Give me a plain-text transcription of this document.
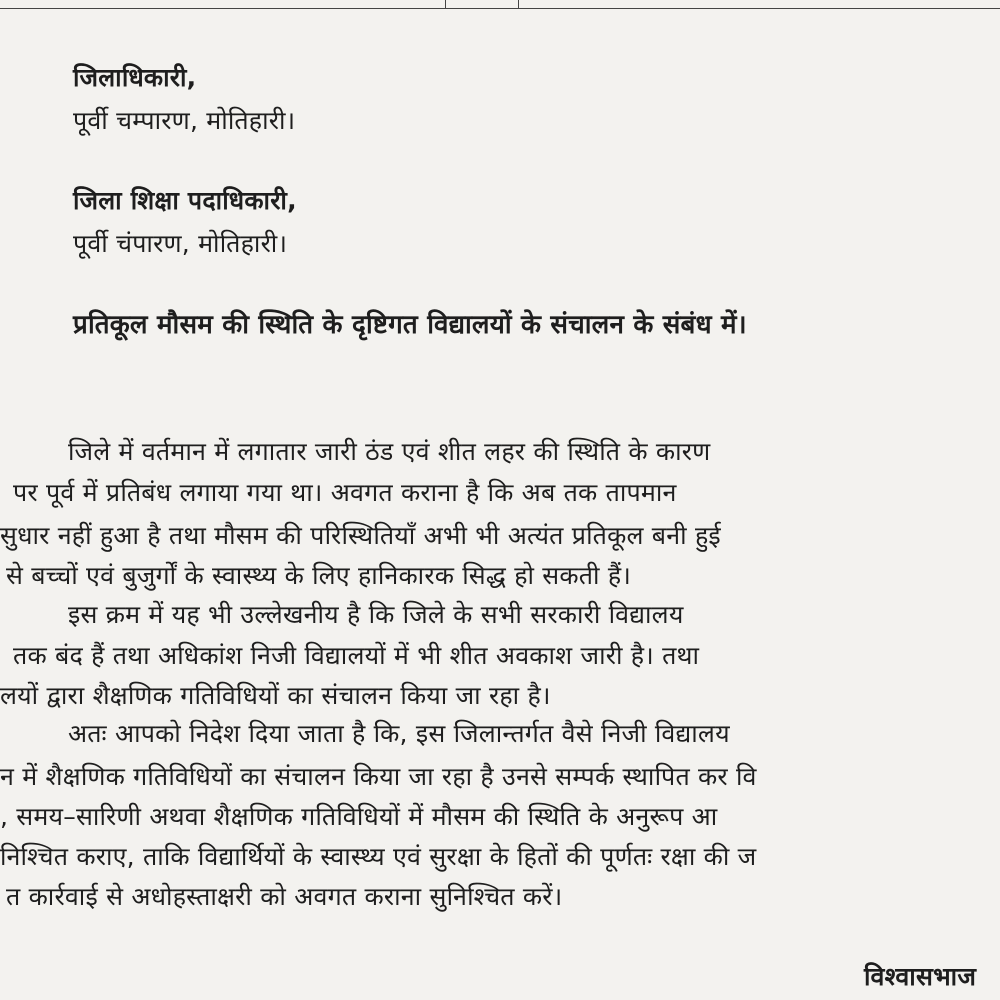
जिलाधिकारी,
पूर्वी चम्पारण, मोतिहारी।
जिला शिक्षा पदाधिकारी,
पूर्वी चंपारण, मोतिहारी।
प्रतिकूल मौसम की स्थिति के दृष्टिगत विद्यालयों के संचालन के संबंध में।
जिले में वर्तमान में लगातार जारी ठंड एवं शीत लहर की स्थिति के कारण
पर पूर्व में प्रतिबंध लगाया गया था। अवगत कराना है कि अब तक तापमान
सुधार नहीं हुआ है तथा मौसम की परिस्थितियाँ अभी भी अत्यंत प्रतिकूल बनी हुई
से बच्चों एवं बुजुर्गों के स्वास्थ्य के लिए हानिकारक सिद्ध हो सकती हैं।
इस क्रम में यह भी उल्लेखनीय है कि जिले के सभी सरकारी विद्यालय
तक बंद हैं तथा अधिकांश निजी विद्यालयों में भी शीत अवकाश जारी है। तथा
लयों द्वारा शैक्षणिक गतिविधियों का संचालन किया जा रहा है।
अतः आपको निदेश दिया जाता है कि, इस जिलान्तर्गत वैसे निजी विद्यालय
न में शैक्षणिक गतिविधियों का संचालन किया जा रहा है उनसे सम्पर्क स्थापित कर वि
, समय–सारिणी अथवा शैक्षणिक गतिविधियों में मौसम की स्थिति के अनुरूप आ
निश्चित कराए, ताकि विद्यार्थियों के स्वास्थ्य एवं सुरक्षा के हितों की पूर्णतः रक्षा की ज
त कार्रवाई से अधोहस्ताक्षरी को अवगत कराना सुनिश्चित करें।
विश्वासभाज
